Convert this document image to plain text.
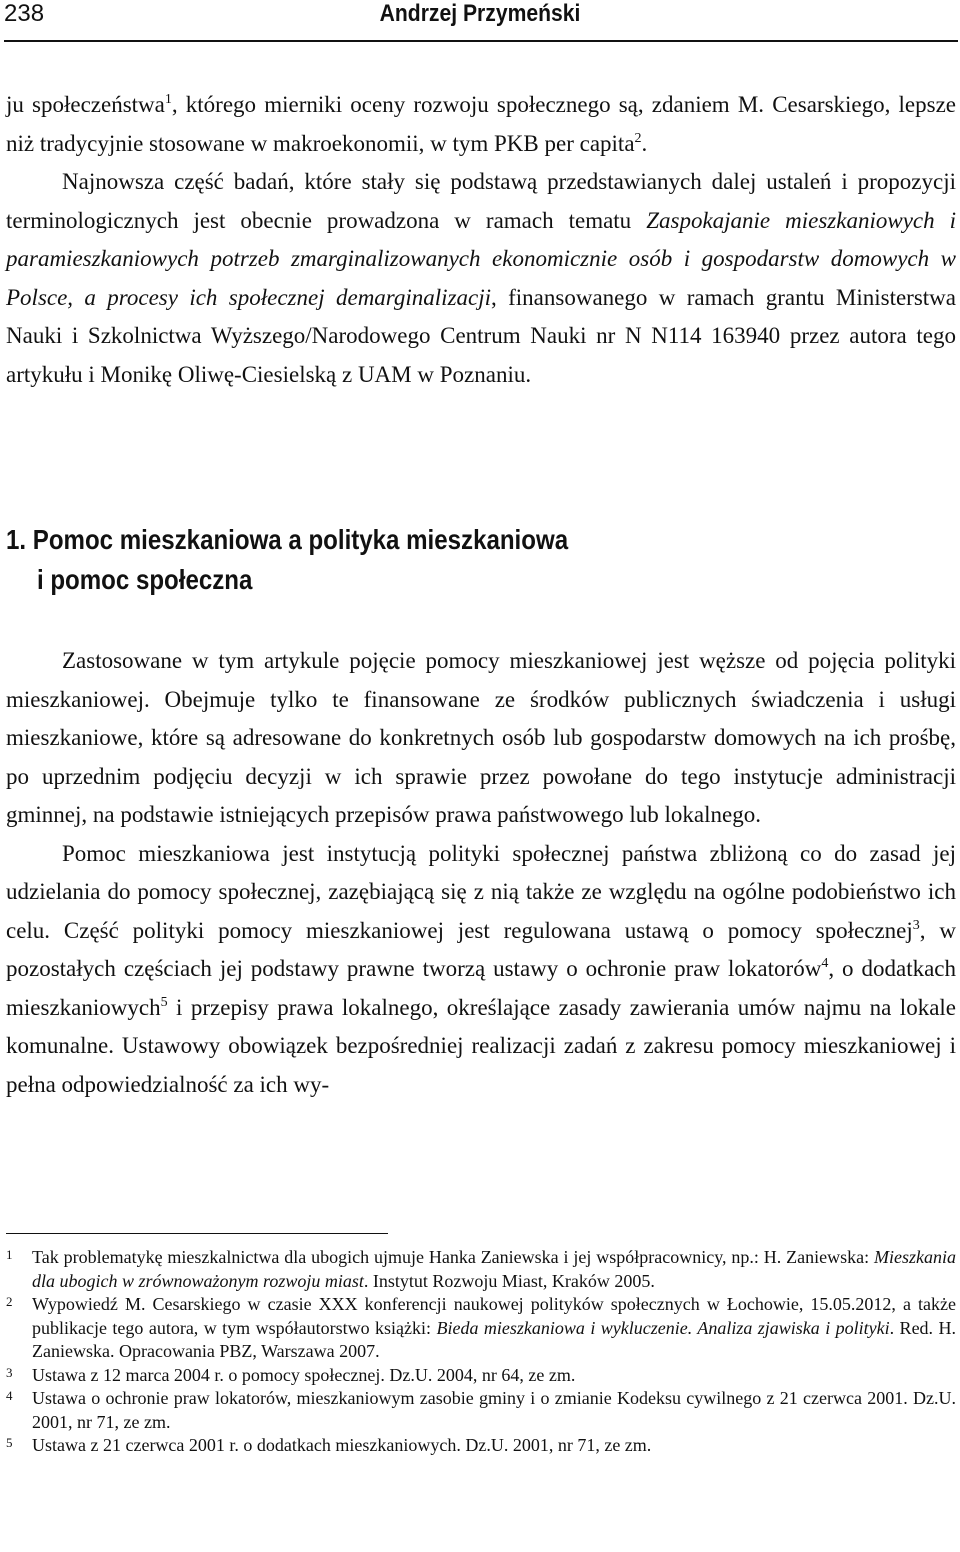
238	Andrzej Przymeński

ju społeczeństwa$^1$, którego mierniki oceny rozwoju społecznego są, zdaniem M. Cesarskiego, lepsze niż tradycyjnie stosowane w makroekonomii, w tym PKB per capita$^2$.

Najnowsza część badań, które stały się podstawą przedstawianych dalej ustaleń i propozycji terminologicznych jest obecnie prowadzona w ramach tematu Zaspokajanie mieszkaniowych i paramieszkaniowych potrzeb zmarginalizowanych ekonomicznie osób i gospodarstw domowych w Polsce, a procesy ich społecznej demarginalizacji, finansowanego w ramach grantu Ministerstwa Nauki i Szkolnictwa Wyższego/Narodowego Centrum Nauki nr N N114 163940 przez autora tego artykułu i Monikę Oliwę-Ciesielską z UAM w Poznaniu.

1. Pomoc mieszkaniowa a polityka mieszkaniowa
i pomoc społeczna

Zastosowane w tym artykule pojęcie pomocy mieszkaniowej jest węższe od pojęcia polityki mieszkaniowej. Obejmuje tylko te finansowane ze środków publicznych świadczenia i usługi mieszkaniowe, które są adresowane do konkretnych osób lub gospodarstw domowych na ich prośbę, po uprzednim podjęciu decyzji w ich sprawie przez powołane do tego instytucje administracji gminnej, na podstawie istniejących przepisów prawa państwowego lub lokalnego.

Pomoc mieszkaniowa jest instytucją polityki społecznej państwa zbliżoną co do zasad jej udzielania do pomocy społecznej, zazębiającą się z nią także ze względu na ogólne podobieństwo ich celu. Część polityki pomocy mieszkaniowej jest regulowana ustawą o pomocy społecznej$^3$, w pozostałych częściach jej podstawy prawne tworzą ustawy o ochronie praw lokatorów$^4$, o dodatkach mieszkaniowych$^5$ i przepisy prawa lokalnego, określające zasady zawierania umów najmu na lokale komunalne. Ustawowy obowiązek bezpośredniej realizacji zadań z zakresu pomocy mieszkaniowej i pełna odpowiedzialność za ich wy-

1 Tak problematykę mieszkalnictwa dla ubogich ujmuje Hanka Zaniewska i jej współpracownicy, np.: H. Zaniewska: Mieszkania dla ubogich w zrównoważonym rozwoju miast. Instytut Rozwoju Miast, Kraków 2005.
2 Wypowiedź M. Cesarskiego w czasie XXX konferencji naukowej polityków społecznych w Łochowie, 15.05.2012, a także publikacje tego autora, w tym współautorstwo książki: Bieda mieszkaniowa i wykluczenie. Analiza zjawiska i polityki. Red. H. Zaniewska. Opracowania PBZ, Warszawa 2007.
3 Ustawa z 12 marca 2004 r. o pomocy społecznej. Dz.U. 2004, nr 64, ze zm.
4 Ustawa o ochronie praw lokatorów, mieszkaniowym zasobie gminy i o zmianie Kodeksu cywilnego z 21 czerwca 2001. Dz.U. 2001, nr 71, ze zm.
5 Ustawa z 21 czerwca 2001 r. o dodatkach mieszkaniowych. Dz.U. 2001, nr 71, ze zm.
